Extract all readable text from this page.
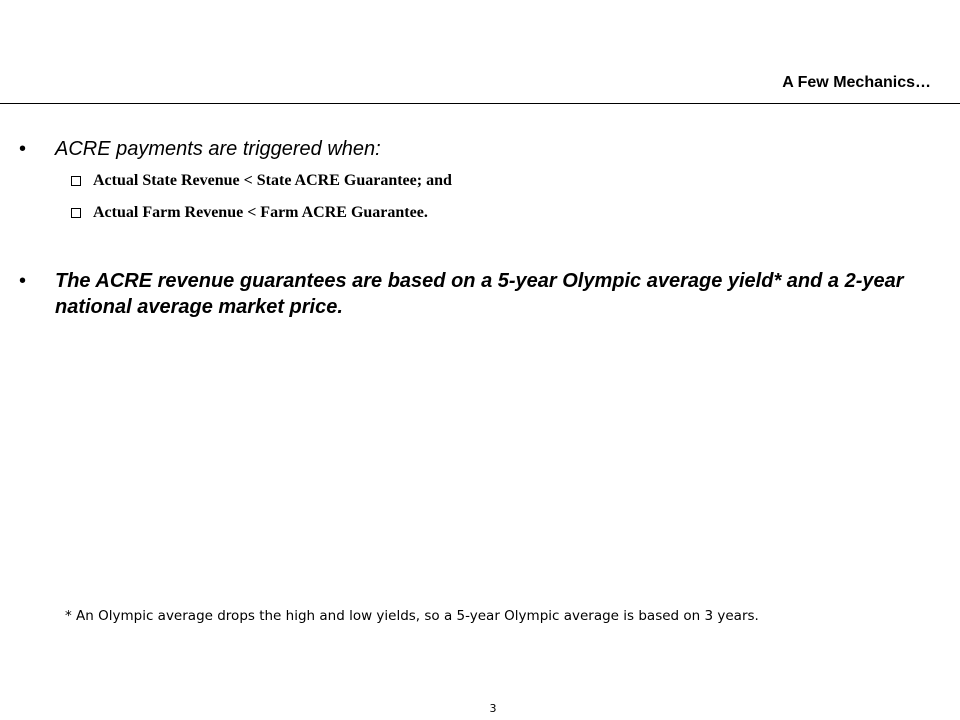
A Few Mechanics…
•	ACRE payments are triggered when:
Actual State Revenue < State ACRE Guarantee; and
Actual Farm Revenue < Farm ACRE Guarantee.
•	The ACRE revenue guarantees are based on a 5-year Olympic average yield* and a 2-year national average market price.
* An Olympic average drops the high and low yields, so a 5-year Olympic average is based on 3 years.
3
